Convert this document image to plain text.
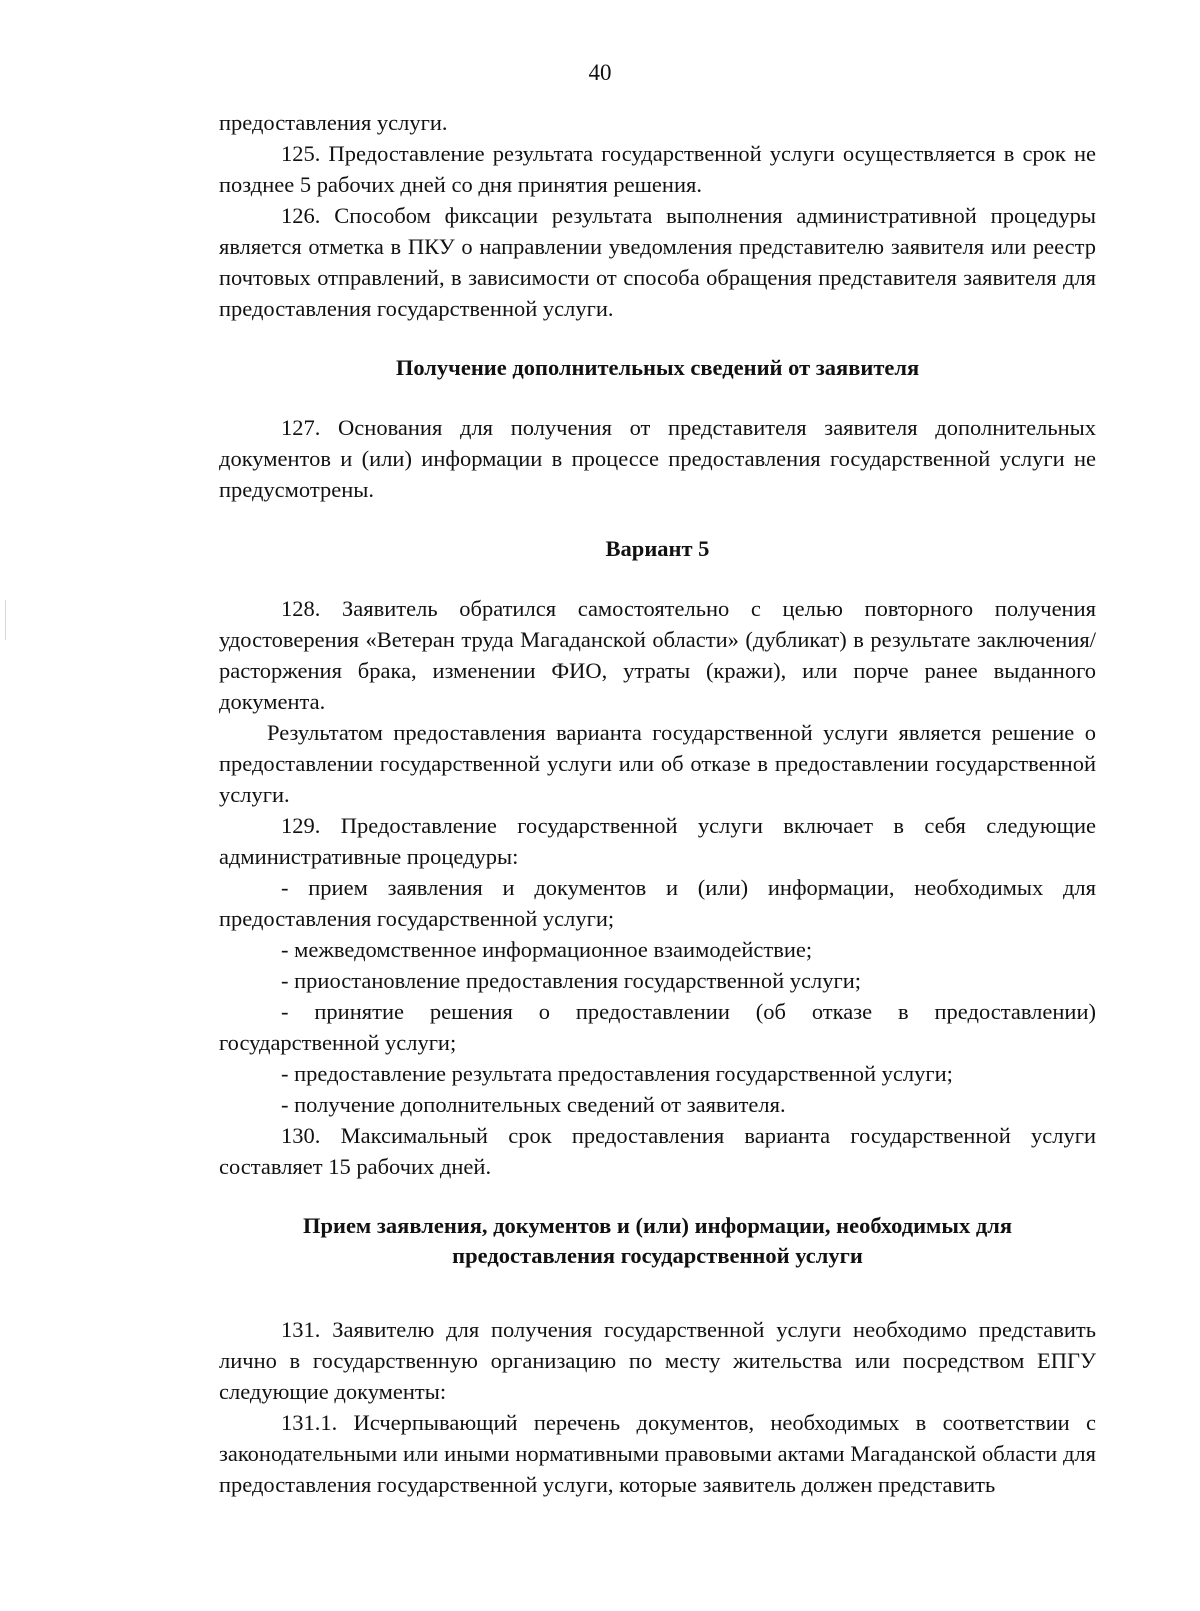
40

предоставления услуги.

125. Предоставление результата государственной услуги осуществляется в срок не позднее 5 рабочих дней со дня принятия решения.

126. Способом фиксации результата выполнения административной процедуры является отметка в ПКУ о направлении уведомления представителю заявителя или реестр почтовых отправлений, в зависимости от способа обращения представителя заявителя для предоставления государственной услуги.

Получение дополнительных сведений от заявителя

127. Основания для получения от представителя заявителя дополнительных документов и (или) информации в процессе предоставления государственной услуги не предусмотрены.

Вариант 5

128. Заявитель обратился самостоятельно с целью повторного получения удостоверения «Ветеран труда Магаданской области» (дубликат) в результате заключения/расторжения брака, изменении ФИО, утраты (кражи), или порче ранее выданного документа.

Результатом предоставления варианта государственной услуги является решение о предоставлении государственной услуги или об отказе в предоставлении государственной услуги.

129. Предоставление государственной услуги включает в себя следующие административные процедуры:

- прием заявления и документов и (или) информации, необходимых для предоставления государственной услуги;

- межведомственное информационное взаимодействие;

- приостановление предоставления государственной услуги;

- принятие решения о предоставлении (об отказе в предоставлении) государственной услуги;

- предоставление результата предоставления государственной услуги;

- получение дополнительных сведений от заявителя.

130. Максимальный срок предоставления варианта государственной услуги составляет 15 рабочих дней.

Прием заявления, документов и (или) информации, необходимых для предоставления государственной услуги

131. Заявителю для получения государственной услуги необходимо представить лично в государственную организацию по месту жительства или посредством ЕПГУ следующие документы:

131.1. Исчерпывающий перечень документов, необходимых в соответствии с законодательными или иными нормативными правовыми актами Магаданской области для предоставления государственной услуги, которые заявитель должен представить
